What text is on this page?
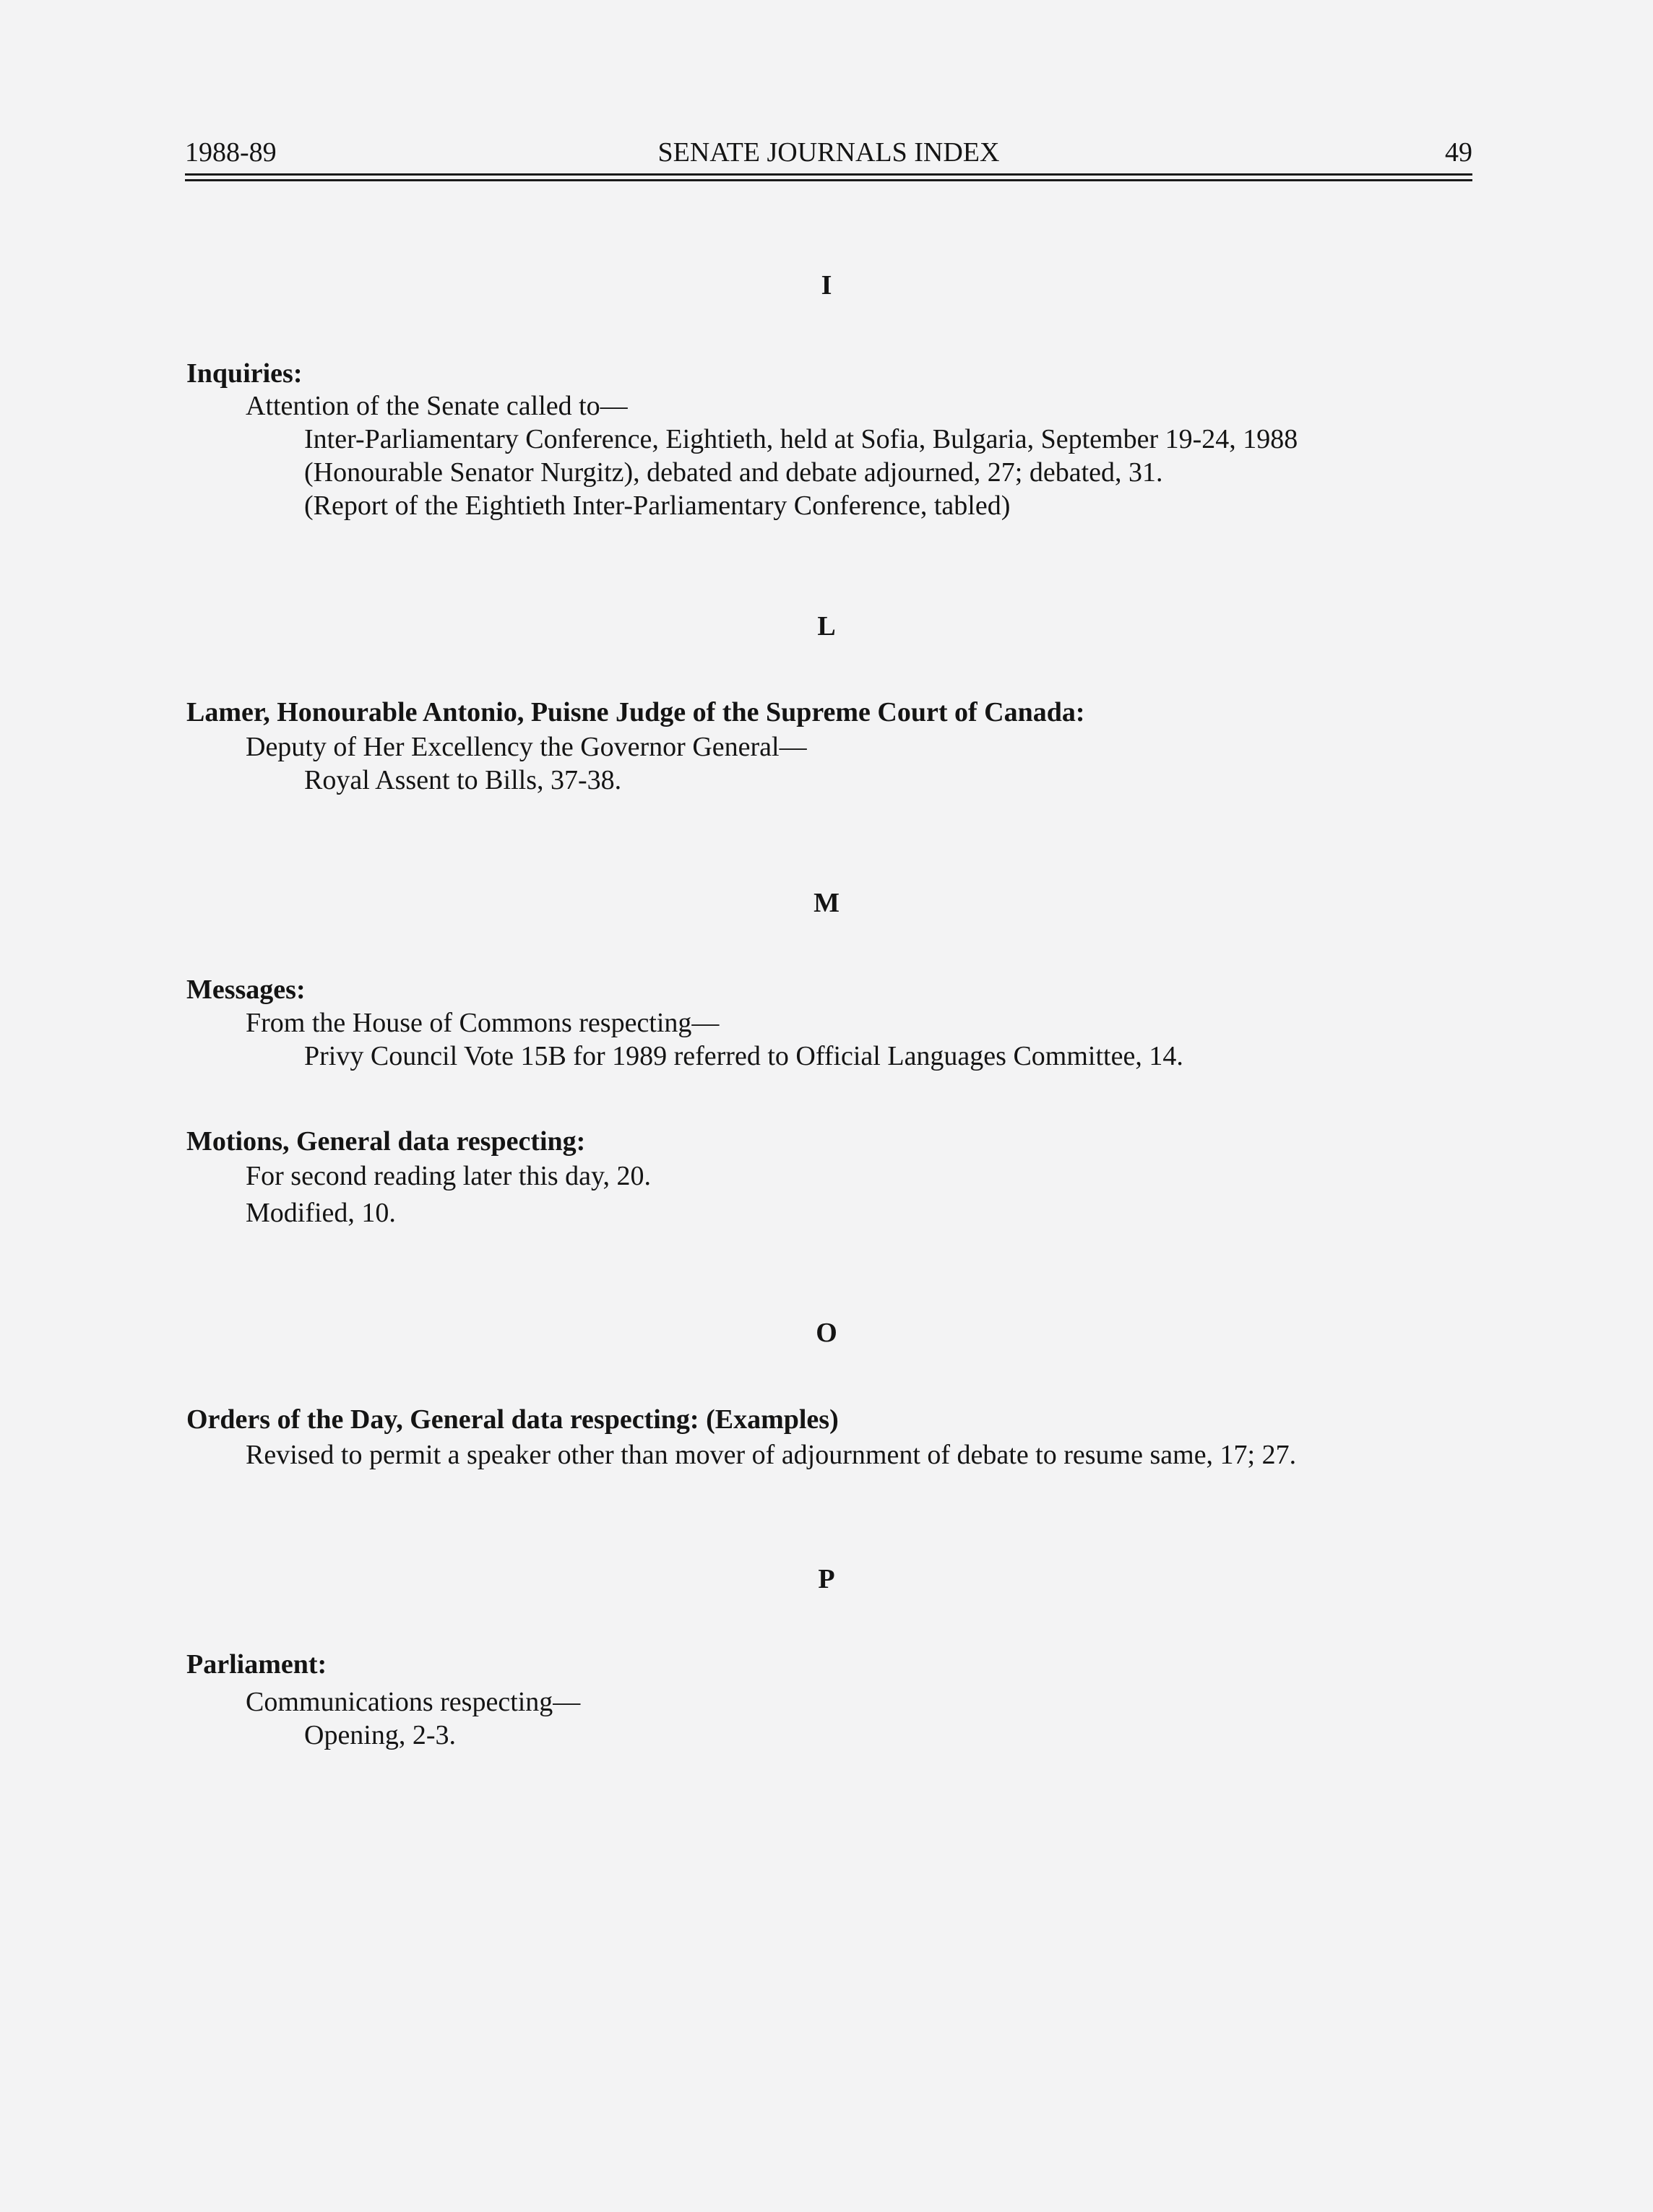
1988-89	SENATE JOURNALS INDEX	49
I
Inquiries:
Attention of the Senate called to—
Inter-Parliamentary Conference, Eightieth, held at Sofia, Bulgaria, September 19-24, 1988
(Honourable Senator Nurgitz), debated and debate adjourned, 27; debated, 31.
(Report of the Eightieth Inter-Parliamentary Conference, tabled)
L
Lamer, Honourable Antonio, Puisne Judge of the Supreme Court of Canada:
Deputy of Her Excellency the Governor General—
Royal Assent to Bills, 37-38.
M
Messages:
From the House of Commons respecting—
Privy Council Vote 15B for 1989 referred to Official Languages Committee, 14.
Motions, General data respecting:
For second reading later this day, 20.
Modified, 10.
O
Orders of the Day, General data respecting: (Examples)
Revised to permit a speaker other than mover of adjournment of debate to resume same, 17; 27.
P
Parliament:
Communications respecting—
Opening, 2-3.
